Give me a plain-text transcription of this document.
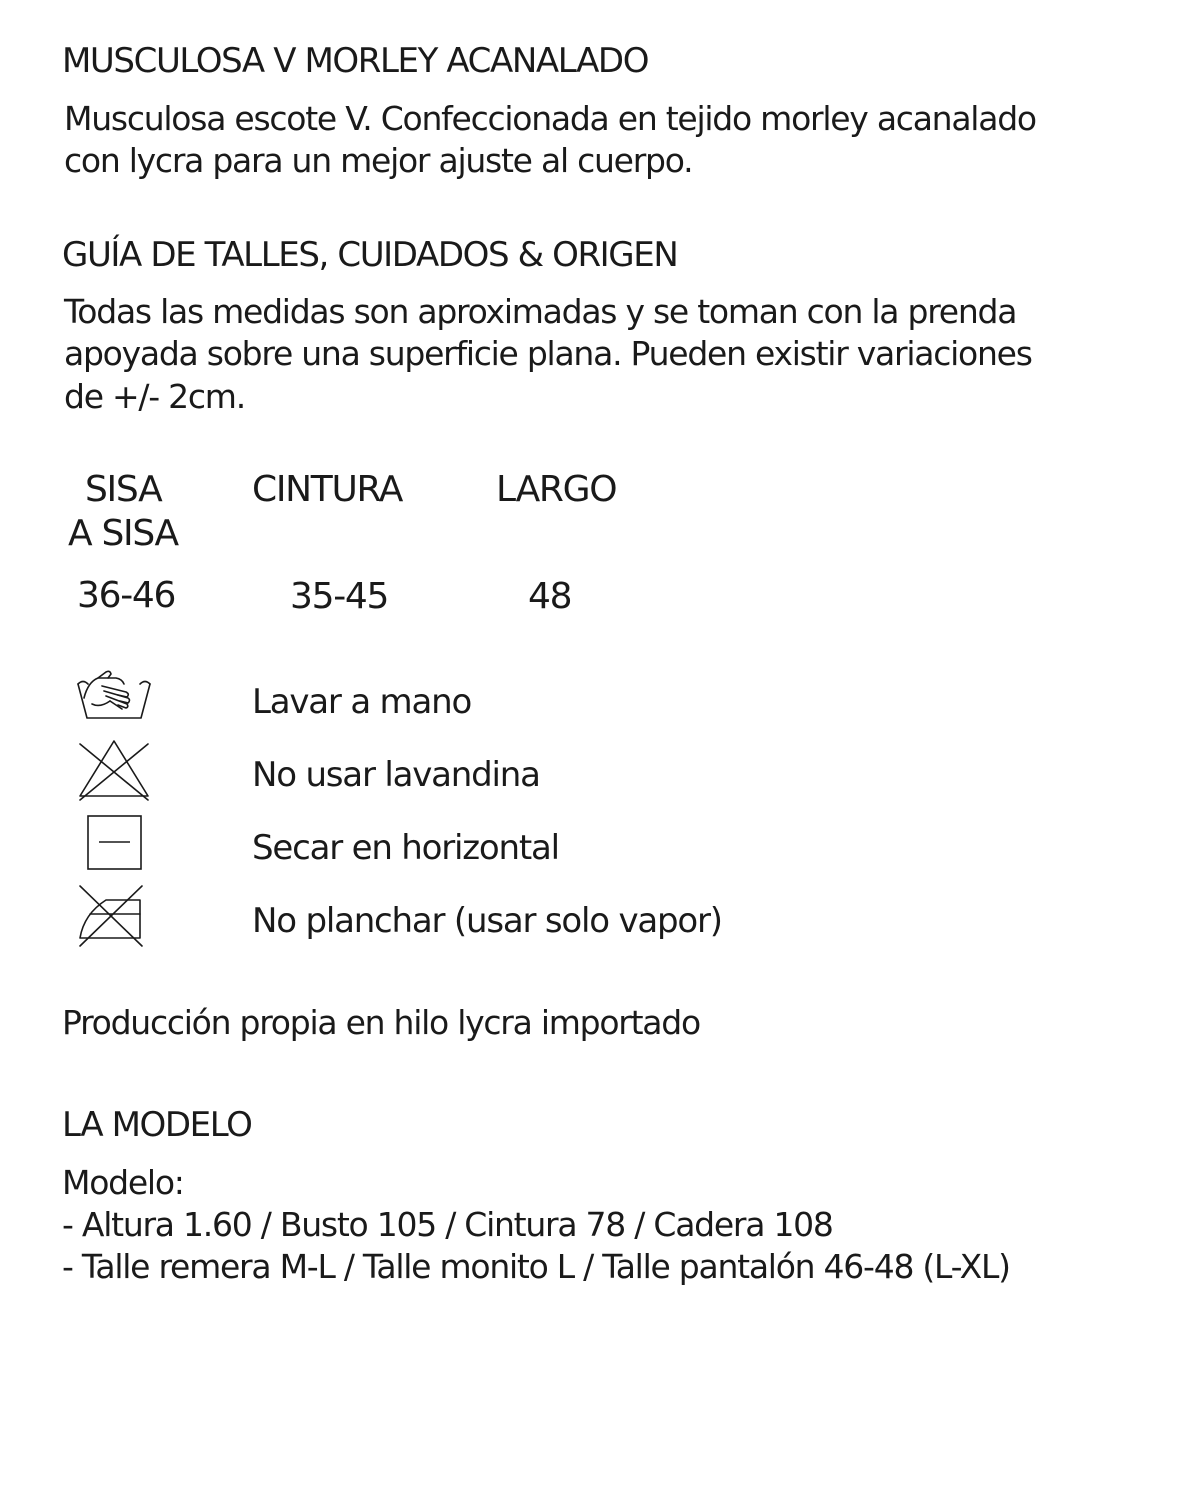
MUSCULOSA V MORLEY ACANALADO

Musculosa escote V. Confeccionada en tejido morley acanalado

con lycra para un mejor ajuste al cuerpo.

GUÍA DE TALLES, CUIDADOS & ORIGEN

Todas las medidas son aproximadas y se toman con la prenda

apoyada sobre una superficie plana. Pueden existir variaciones

de +/- 2cm.

SISA
A SISA
CINTURA	LARGO
36-46	35-45	48
Lavar a mano
No usar lavandina
Secar en horizontal
No planchar (usar solo vapor)

Producción propia en hilo lycra importado

LA MODELO

Modelo:

- Altura 1.60 / Busto 105 / Cintura 78 / Cadera 108

- Talle remera M-L / Talle monito L / Talle pantalón 46-48 (L-XL)
